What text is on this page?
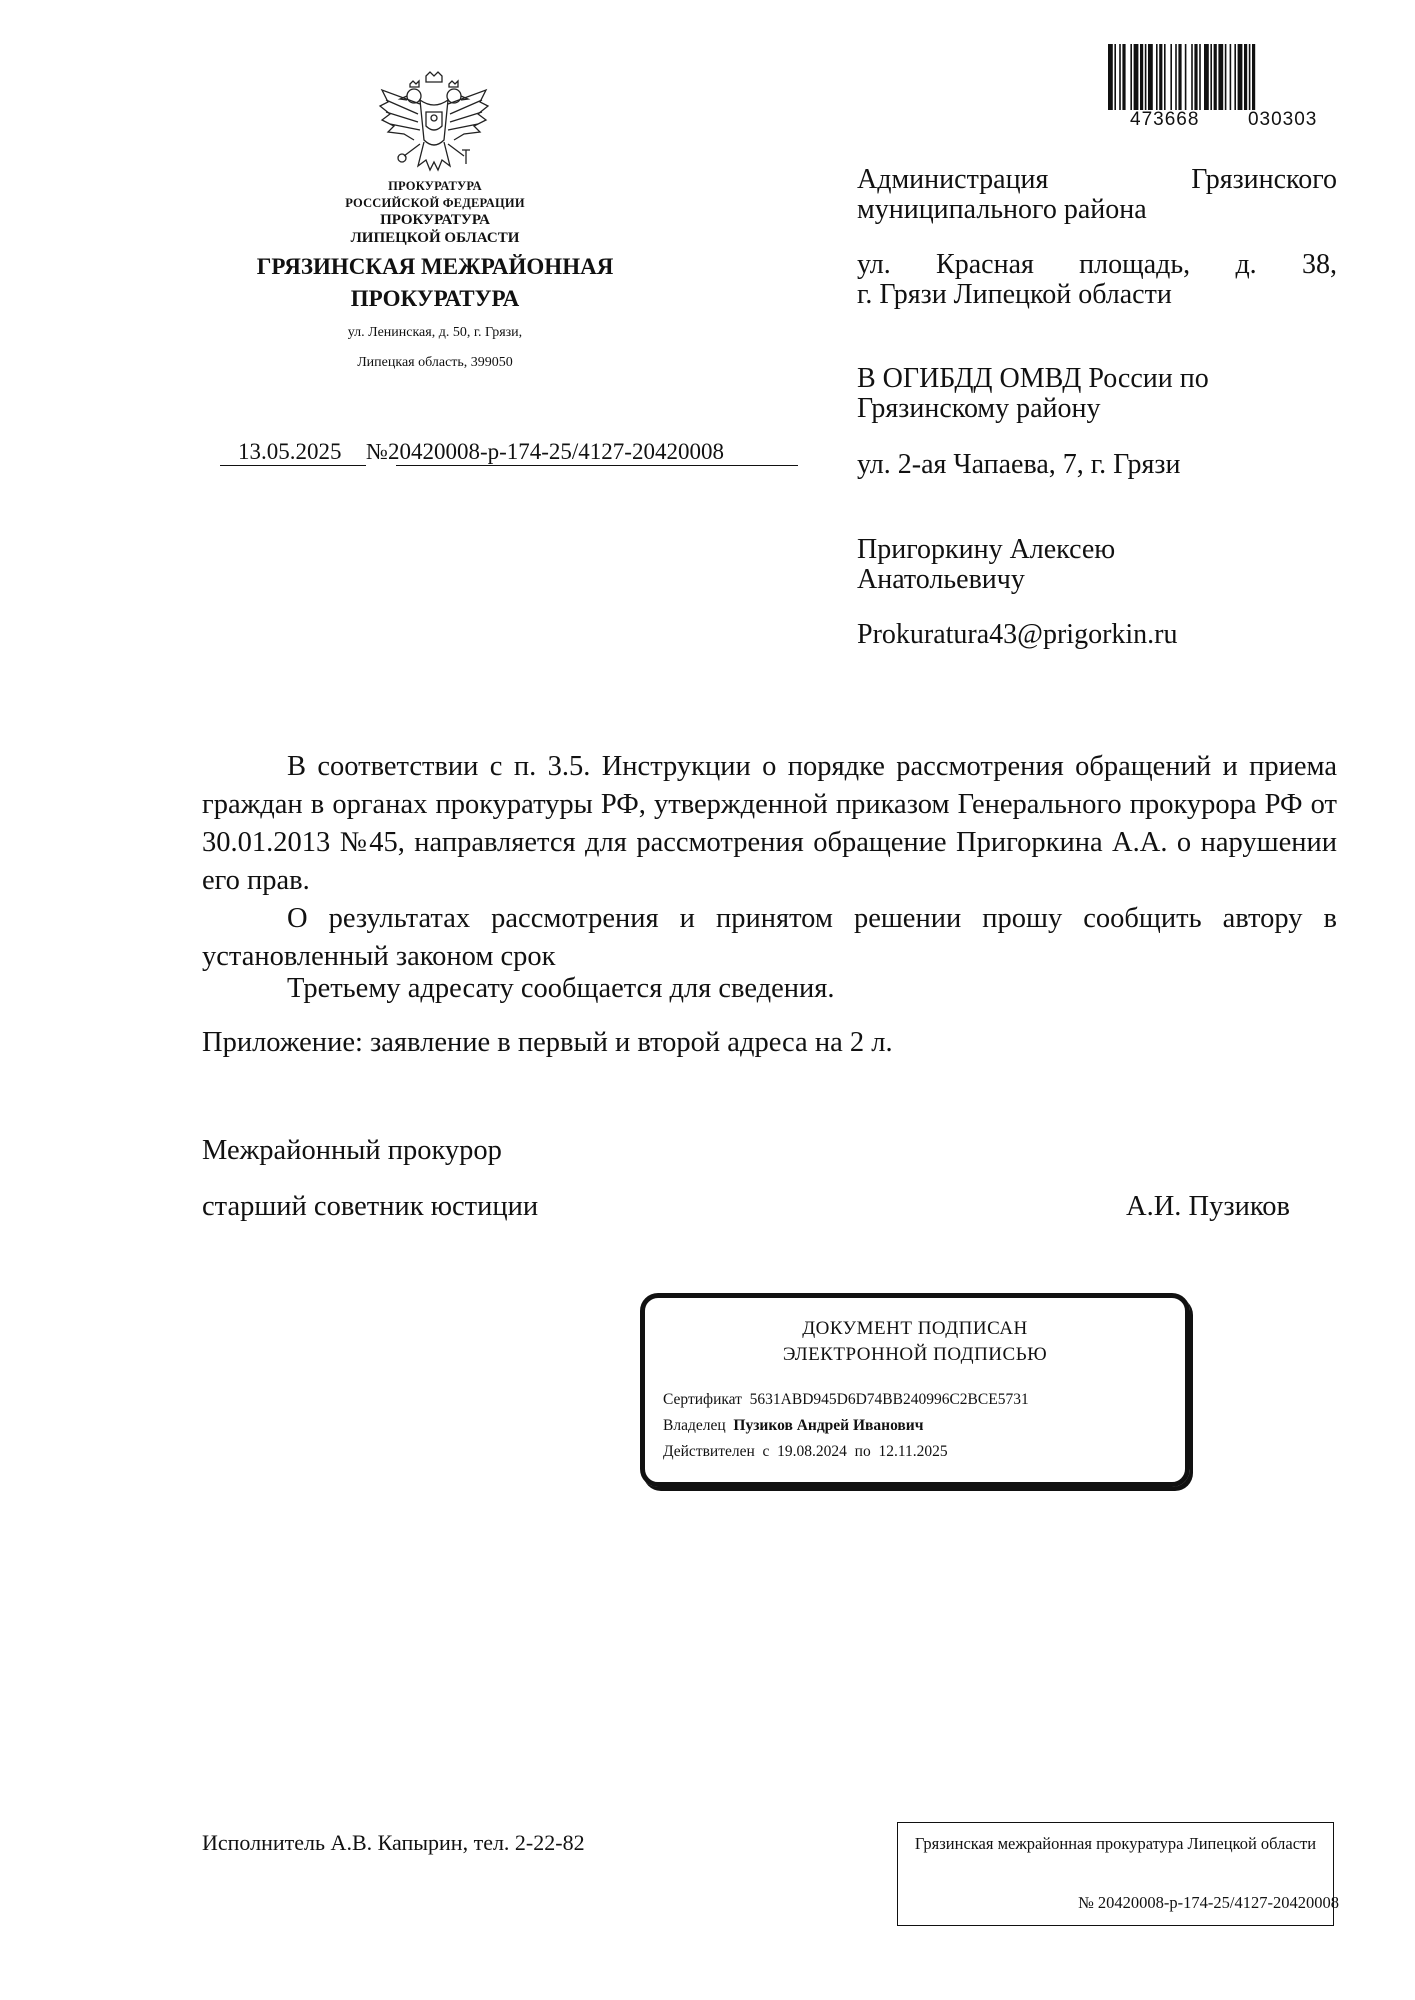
ПРОКУРАТУРА
РОССИЙСКОЙ ФЕДЕРАЦИИ
ПРОКУРАТУРА
ЛИПЕЦКОЙ ОБЛАСТИ
ГРЯЗИНСКАЯ МЕЖРАЙОННАЯ
ПРОКУРАТУРА
ул. Ленинская, д. 50, г. Грязи,
Липецкая область, 399050
13.05.2025 №20420008-р-174-25/4127-20420008
473668	030303
Администрация	Грязинского
муниципального района
ул. Красная площадь, д. 38,
г. Грязи Липецкой области
В ОГИБДД ОМВД России по
Грязинскому району
ул. 2-ая Чапаева, 7, г. Грязи
Пригоркину Алексею
Анатольевичу
Prokuratura43@prigorkin.ru

В соответствии с п. 3.5. Инструкции о порядке рассмотрения обращений и приема граждан в органах прокуратуры РФ, утвержденной приказом Генерального прокурора РФ от 30.01.2013 №45, направляется для рассмотрения обращение Пригоркина А.А. о нарушении его прав.

О результатах рассмотрения и принятом решении прошу сообщить автору в установленный законом срок

Третьему адресату сообщается для сведения.

Приложение: заявление в первый и второй адреса на 2 л.

Межрайонный прокурор
старший советник юстиции	А.И. Пузиков
ДОКУМЕНТ ПОДПИСАН
ЭЛЕКТРОННОЙ ПОДПИСЬЮ
Сертификат 5631ABD945D6D74BB240996C2BCE5731
Владелец Пузиков Андрей Иванович
Действителен с 19.08.2024 по 12.11.2025
Исполнитель А.В. Капырин, тел. 2-22-82	Грязинская межрайонная прокуратура Липецкой области
№ 20420008-р-174-25/4127-20420008
